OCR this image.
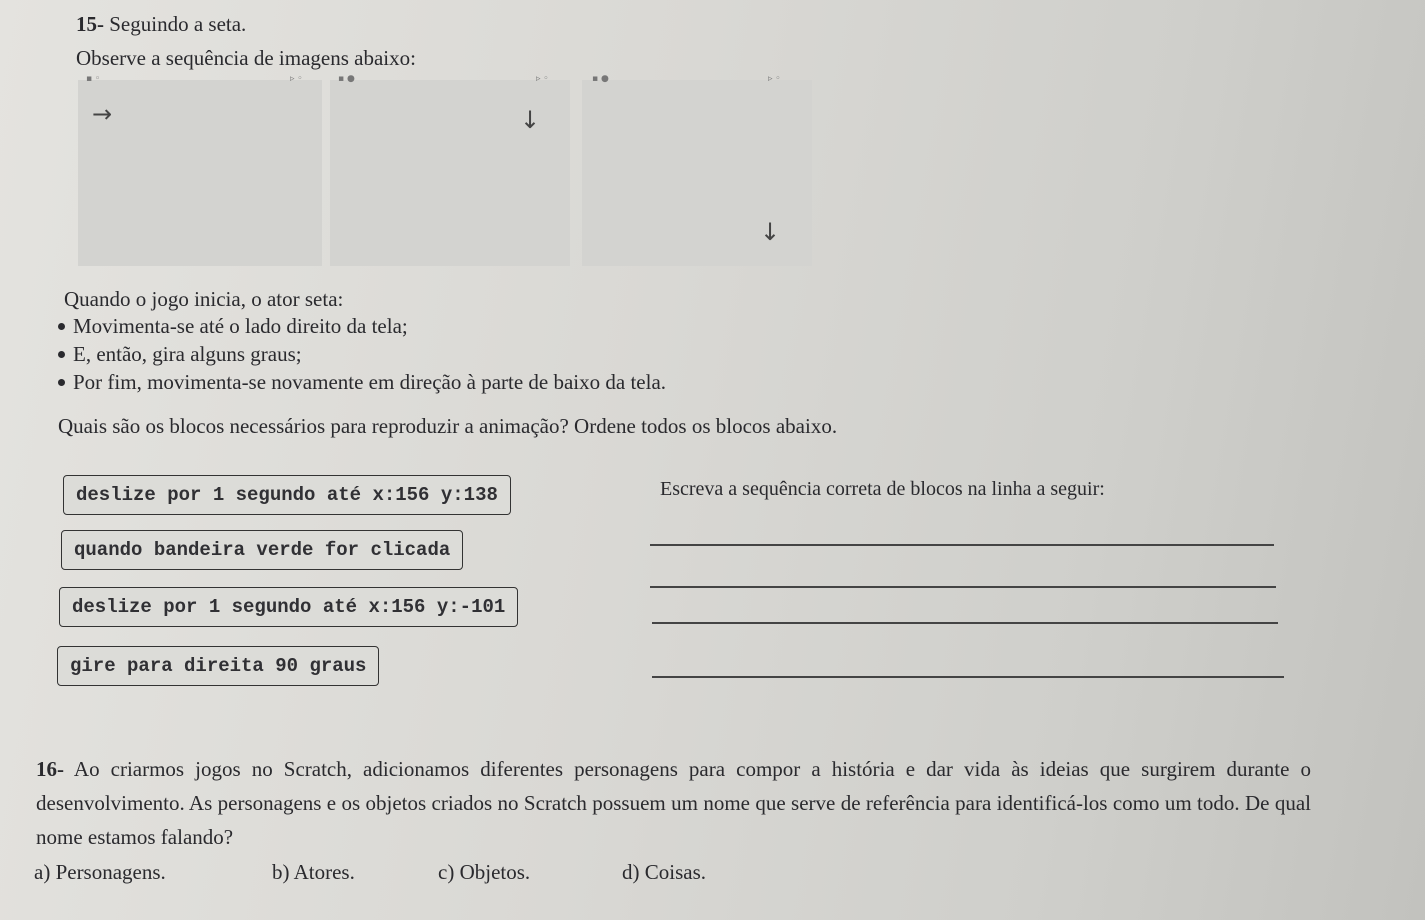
15- Seguindo a seta.
Observe a sequência de imagens abaixo:
▪ ◦	▹ ◦
→
▪ ●	▹ ◦
↓
▪ ●	▹ ◦
↓
Quando o jogo inicia, o ator seta:
Movimenta-se até o lado direito da tela;
E, então, gira alguns graus;
Por fim, movimenta-se novamente em direção à parte de baixo da tela.
Quais são os blocos necessários para reproduzir a animação? Ordene todos os blocos abaixo.
deslize por 1 segundo até x:156 y:138
quando bandeira verde for clicada
deslize por 1 segundo até x:156 y:-101
gire para direita 90 graus
Escreva a sequência correta de blocos na linha a seguir:
16- Ao criarmos jogos no Scratch, adicionamos diferentes personagens para compor a história e dar vida às ideias que surgirem durante o desenvolvimento. As personagens e os objetos criados no Scratch possuem um nome que serve de referência para identificá-los como um todo. De qual nome estamos falando?
a) Personagens.	b) Atores.	c) Objetos.	d) Coisas.
